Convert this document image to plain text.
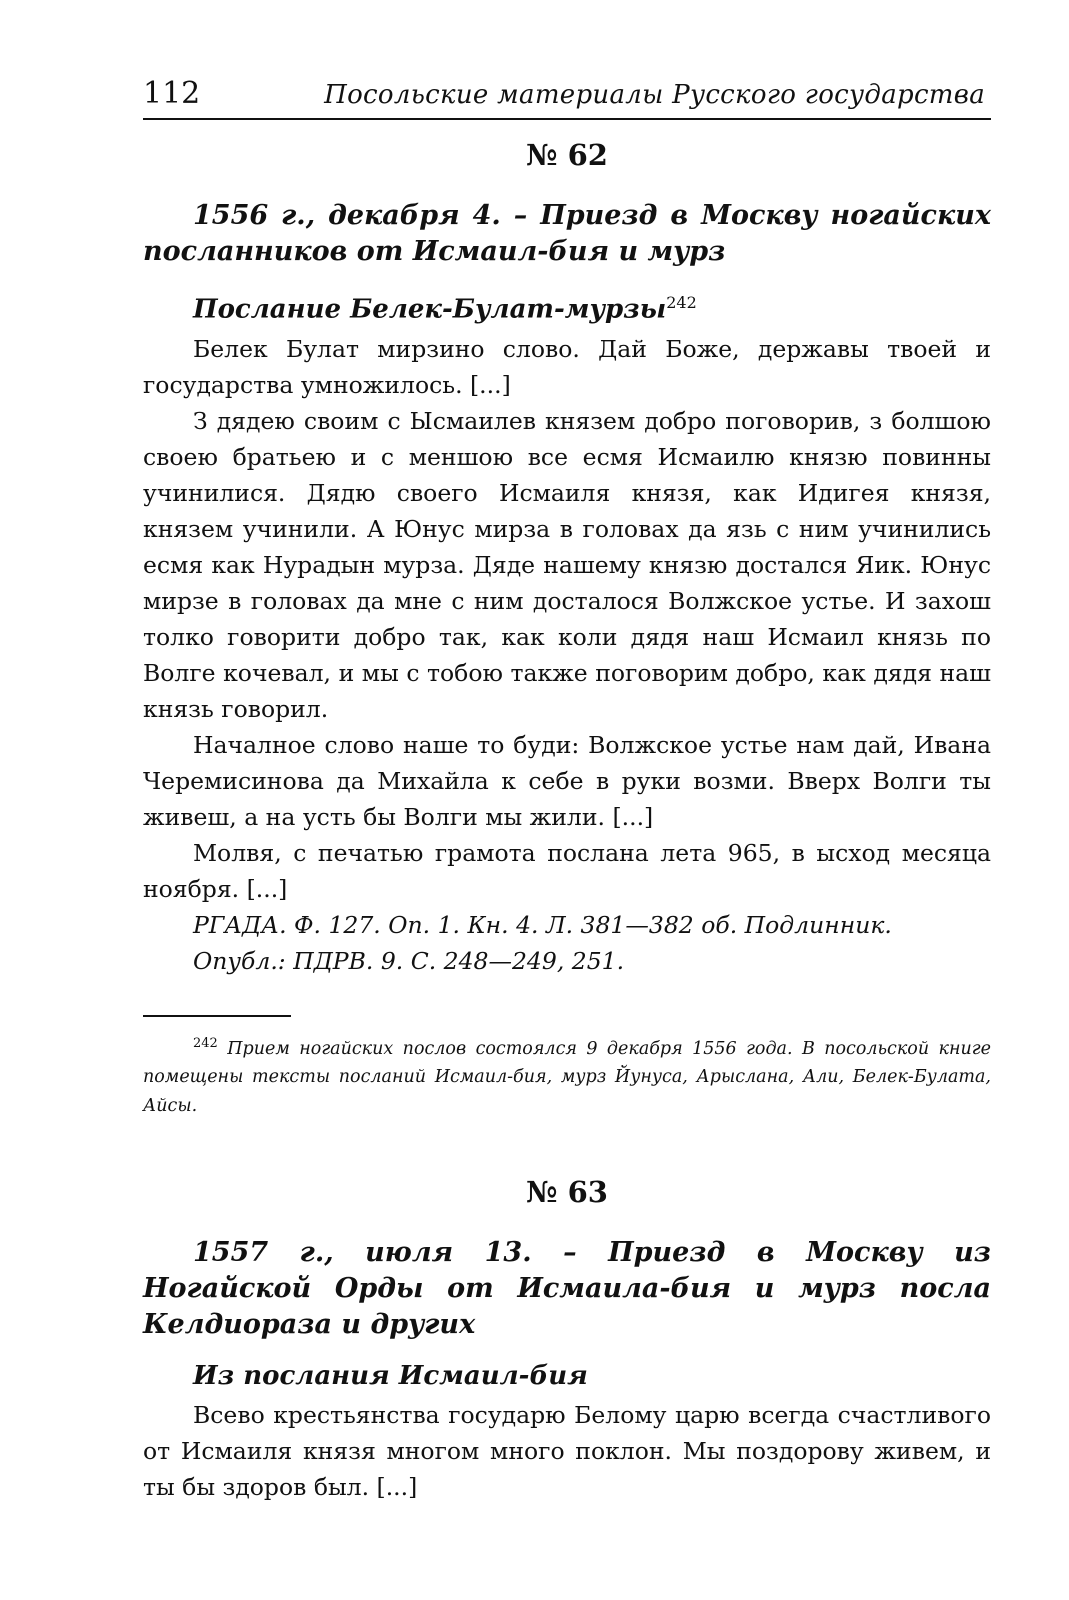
112	Посольские материалы Русского государства
№ 62
1556 г., декабря 4. – Приезд в Москву ногайских посланников от Исмаил-бия и мурз
Послание Белек-Булат-мурзы$^{242}$

Белек Булат мирзино слово. Дай Боже, державы твоей и государства умножилось. [...]

З дядею своим с Ысмаилев князем добро поговорив, з болшою своею братьею и с меншою все есмя Исмаилю князю повинны учинилися. Дядю своего Исмаиля князя, как Идигея князя, князем учинили. А Юнус мирза в головах да язь с ним учинились есмя как Нурадын мурза. Дяде нашему князю достался Яик. Юнус мирзе в головах да мне с ним досталося Волжское устье. И захош толко говорити добро так, как коли дядя наш Исмаил князь по Волге кочевал, и мы с тобою также поговорим добро, как дядя наш князь говорил.

Началное слово наше то буди: Волжское устье нам дай, Ивана Черемисинова да Михайла к себе в руки возми. Вверх Волги ты живеш, а на усть бы Волги мы жили. [...]

Молвя, с печатью грамота послана лета 965, в ысход месяца ноября. [...]

РГАДА. Ф. 127. Оп. 1. Кн. 4. Л. 381—382 об. Подлинник.

Опубл.: ПДРВ. 9. С. 248—249, 251.

$^{242}$ Прием ногайских послов состоялся 9 декабря 1556 года. В посольской книге помещены тексты посланий Исмаил-бия, мурз Йунуса, Арыслана, Али, Белек-Булата, Айсы.

№ 63
1557 г., июля 13. – Приезд в Москву из Ногайской Орды от Исмаила-бия и мурз посла Келдиораза и других
Из послания Исмаил-бия

Всево крестьянства государю Белому царю всегда счастливого от Исмаиля князя многом много поклон. Мы поздорову живем, и ты бы здоров был. [...]
